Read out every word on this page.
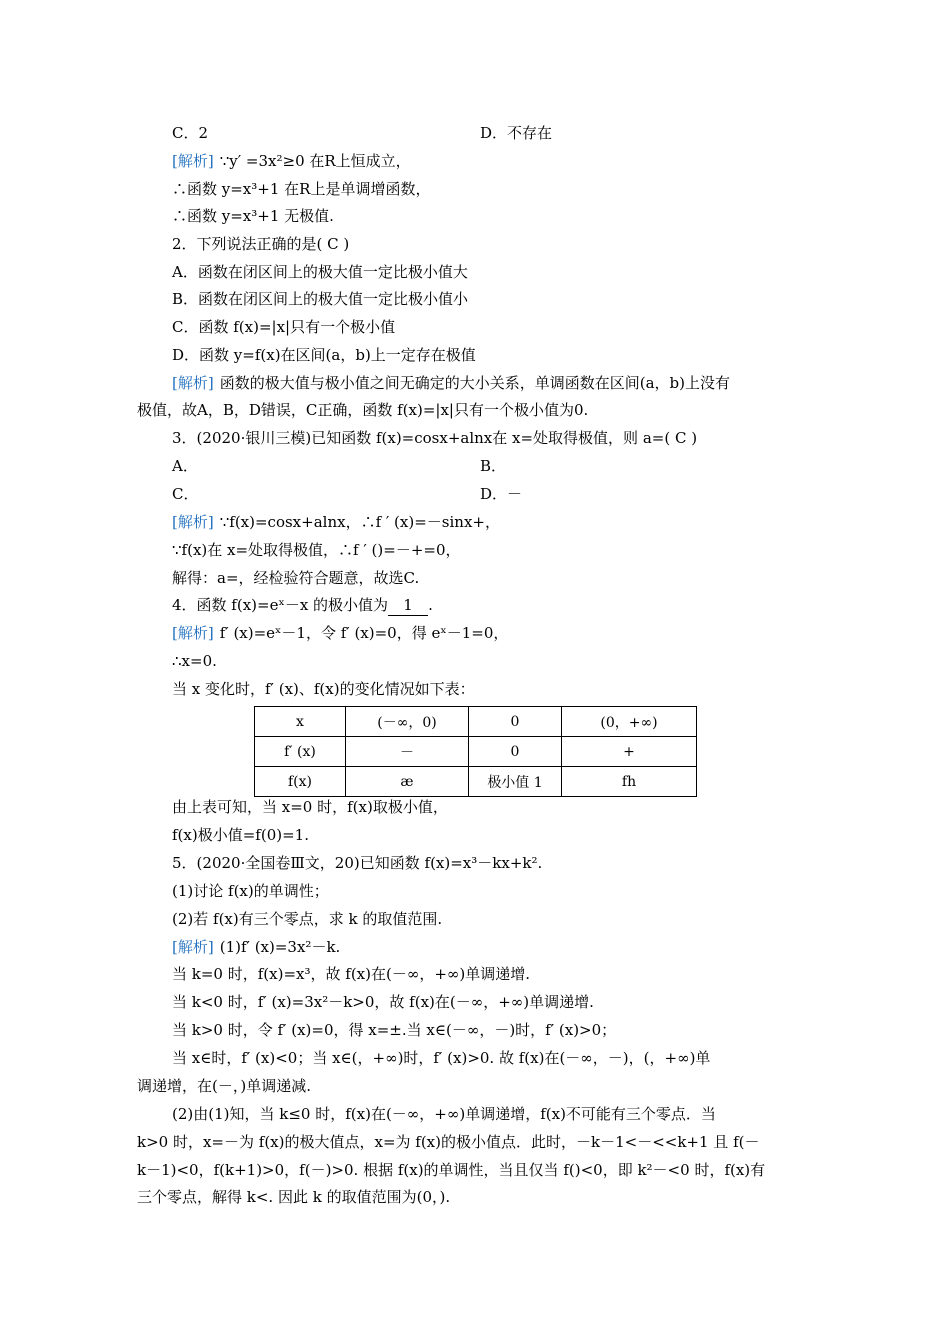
C．2	D．不存在
[解析] ∵y′ =3x²≥0 在R上恒成立，
∴函数 y=x³+1 在R上是单调增函数，
∴函数 y=x³+1 无极值.
2．下列说法正确的是( C )
A．函数在闭区间上的极大值一定比极小值大
B．函数在闭区间上的极大值一定比极小值小
C．函数 f(x)=|x|只有一个极小值
D．函数 y=f(x)在区间(a，b)上一定存在极值
[解析] 函数的极大值与极小值之间无确定的大小关系，单调函数在区间(a，b)上没有
极值，故A，B，D错误，C正确，函数 f(x)=|x|只有一个极小值为0.
3．(2020·银川三模)已知函数 f(x)=cosx+alnx在 x=处取得极值，则 a=( C )
A．	B．
C．	D．－
[解析] ∵f(x)=cosx+alnx，∴f ′ (x)=－sinx+，
∵f(x)在 x=处取得极值，∴f ′ ()=－+=0，
解得：a=，经检验符合题意，故选C.
4．函数 f(x)=eˣ－x 的极小值为 1 .
[解析] f′ (x)=eˣ－1，令 f′ (x)=0，得 eˣ－1=0，
∴x=0.
当 x 变化时，f′ (x)、f(x)的变化情况如下表：
x	(－∞，0)	0	(0，+∞)
f′ (x)	－	0	+
f(x)	æ	极小值 1	fh
由上表可知，当 x=0 时，f(x)取极小值，
f(x)极小值=f(0)=1.
5．(2020·全国卷Ⅲ文，20)已知函数 f(x)=x³－kx+k².
(1)讨论 f(x)的单调性；
(2)若 f(x)有三个零点，求 k 的取值范围.
[解析] (1)f′ (x)=3x²－k.
当 k=0 时，f(x)=x³，故 f(x)在(－∞，+∞)单调递增.
当 k<0 时，f′ (x)=3x²－k>0，故 f(x)在(－∞，+∞)单调递增.
当 k>0 时，令 f′ (x)=0，得 x=±.当 x∈(－∞，－)时，f′ (x)>0；
当 x∈时，f′ (x)<0；当 x∈(，+∞)时，f′ (x)>0. 故 f(x)在(－∞，－)，(，+∞)单
调递增，在(－，)单调递减.
(2)由(1)知，当 k≤0 时，f(x)在(－∞，+∞)单调递增，f(x)不可能有三个零点．当
k>0 时，x=－为 f(x)的极大值点，x=为 f(x)的极小值点．此时，－k－1<－<<k+1 且 f(－
k－1)<0，f(k+1)>0，f(－)>0. 根据 f(x)的单调性，当且仅当 f()<0，即 k²－<0 时，f(x)有
三个零点，解得 k<. 因此 k 的取值范围为(0，).
